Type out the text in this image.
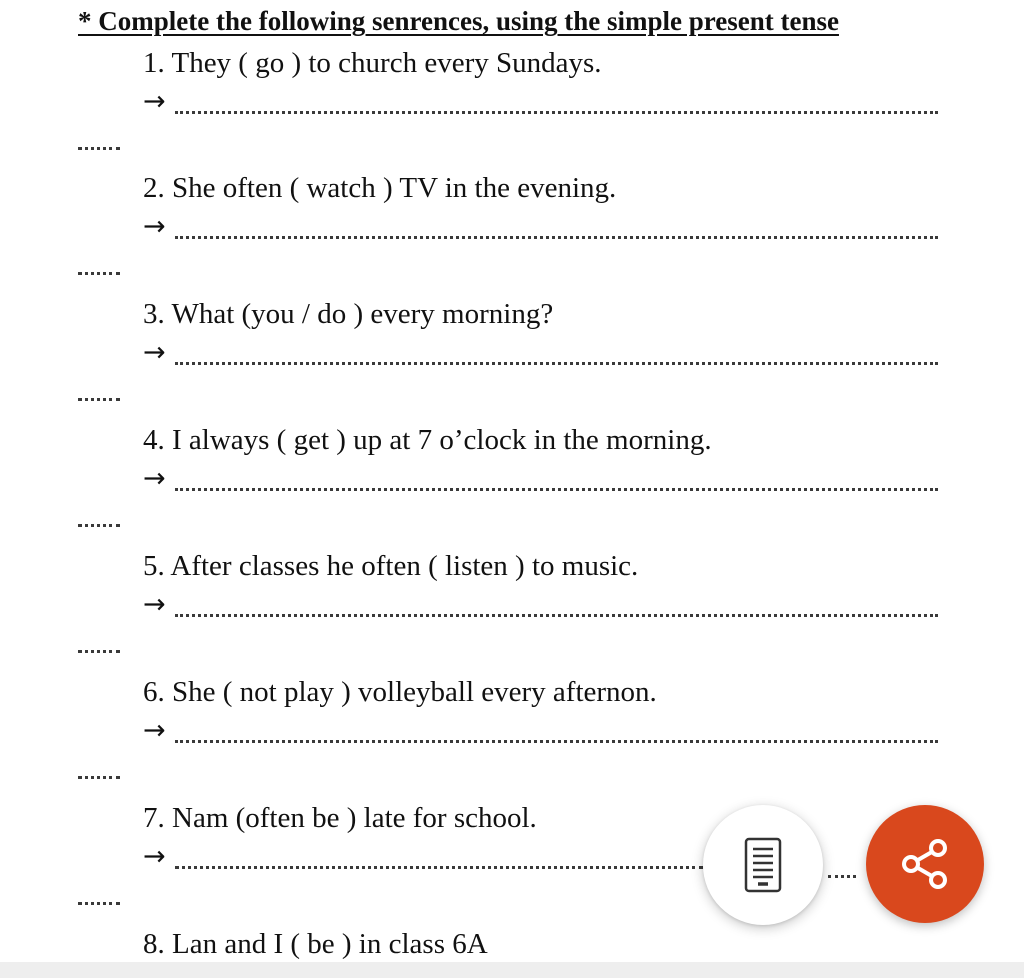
* Complete the following senrences, using the simple present tense
1. They ( go ) to church every Sundays.
→
2. She often ( watch ) TV in the evening.
→
3. What (you / do ) every morning?
→
4. I always ( get ) up at 7 o’clock in the morning.
→
5. After classes he often ( listen ) to music.
→
6. She ( not play ) volleyball every afternon.
→
7. Nam (often be ) late for school.
→
8. Lan and I ( be ) in class 6A
